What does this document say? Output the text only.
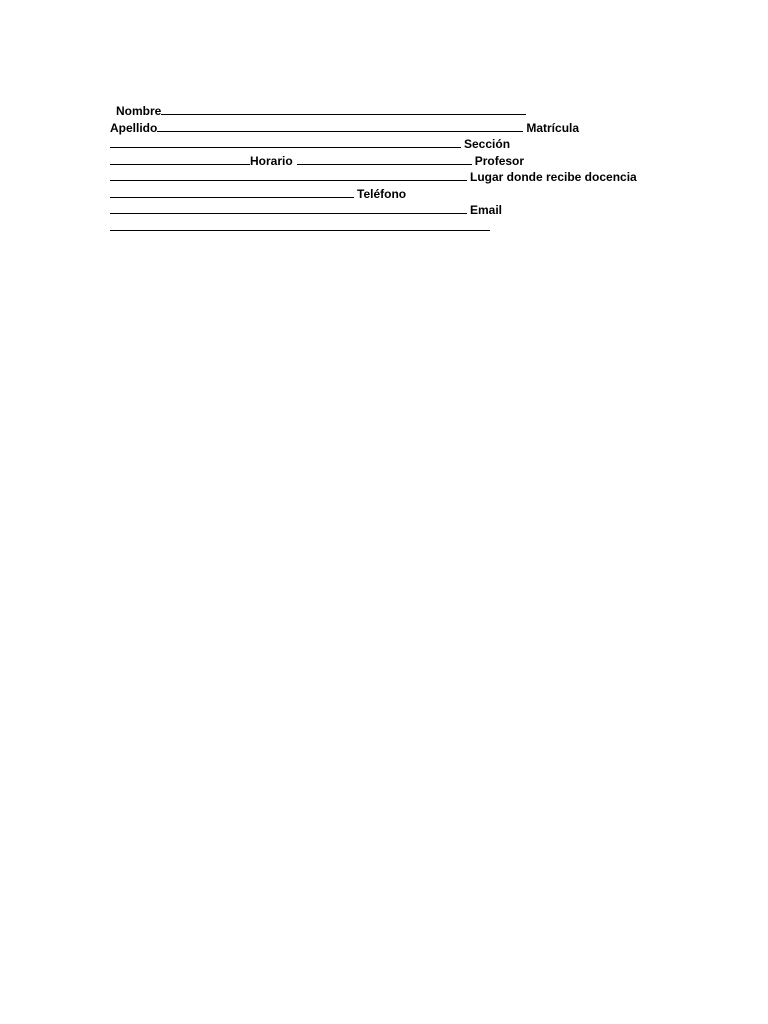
Nombre
Apellido	Matrícula
Sección
Horario	Profesor
Lugar donde recibe docencia
Teléfono
Email
